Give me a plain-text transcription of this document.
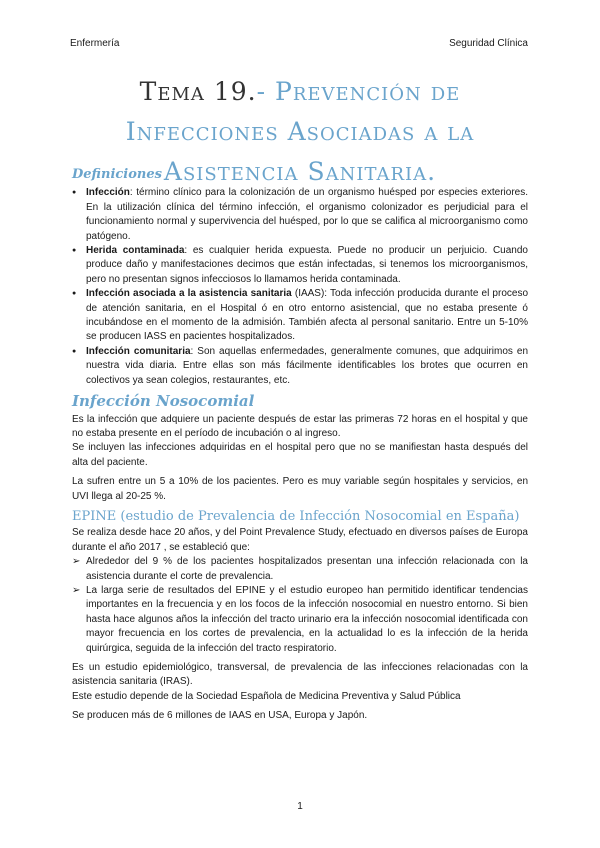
Enfermería	Seguridad Clínica
Tema 19.- Prevención de Infecciones Asociadas a la
Asistencia Sanitaria.
Definiciones
● Infección: término clínico para la colonización de un organismo huésped por especies exteriores. En la utilización clínica del término infección, el organismo colonizador es perjudicial para el funcionamiento normal y supervivencia del huésped, por lo que se califica al microorganismo como patógeno.
● Herida contaminada: es cualquier herida expuesta. Puede no producir un perjuicio. Cuando produce daño y manifestaciones decimos que están infectadas, si tenemos los microorganismos, pero no presentan signos infecciosos lo llamamos herida contaminada.
● Infección asociada a la asistencia sanitaria (IAAS): Toda infección producida durante el proceso de atención sanitaria, en el Hospital ó en otro entorno asistencial, que no estaba presente ó incubándose en el momento de la admisión. También afecta al personal sanitario. Entre un 5-10% se producen IASS en pacientes hospitalizados.
● Infección comunitaria: Son aquellas enfermedades, generalmente comunes, que adquirimos en nuestra vida diaria. Entre ellas son más fácilmente identificables los brotes que ocurren en colectivos ya sean colegios, restaurantes, etc.
Infección Nosocomial

Es la infección que adquiere un paciente después de estar las primeras 72 horas en el hospital y que no estaba presente en el período de incubación o al ingreso.

Se incluyen las infecciones adquiridas en el hospital pero que no se manifiestan hasta después del alta del paciente.

La sufren entre un 5 a 10% de los pacientes. Pero es muy variable según hospitales y servicios, en UVI llega al 20-25 %.

EPINE (estudio de Prevalencia de Infección Nosocomial en España)

Se realiza desde hace 20 años, y del Point Prevalence Study, efectuado en diversos países de Europa durante el año 2017 , se estableció que:

➢ Alrededor del 9 % de los pacientes hospitalizados presentan una infección relacionada con la asistencia durante el corte de prevalencia.
➢ La larga serie de resultados del EPINE y el estudio europeo han permitido identificar tendencias importantes en la frecuencia y en los focos de la infección nosocomial en nuestro entorno. Si bien hasta hace algunos años la infección del tracto urinario era la infección nosocomial identificada con mayor frecuencia en los cortes de prevalencia, en la actualidad lo es la infección de la herida quirúrgica, seguida de la infección del tracto respiratorio.

Es un estudio epidemiológico, transversal, de prevalencia de las infecciones relacionadas con la asistencia sanitaria (IRAS).

Este estudio depende de la Sociedad Española de Medicina Preventiva y Salud Pública

Se producen más de 6 millones de IAAS en USA, Europa y Japón.

1
